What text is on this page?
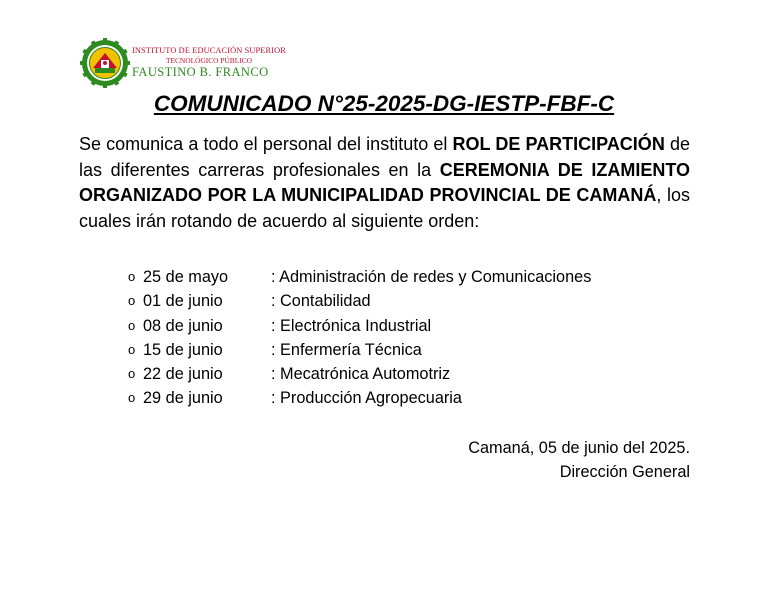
INSTITUTO DE EDUCACIÓN SUPERIOR
TECNOLÓGICO PÚBLICO
FAUSTINO B. FRANCO
COMUNICADO N°25-2025-DG-IESTP-FBF-C
Se comunica a todo el personal del instituto el ROL DE PARTICIPACIÓN de las diferentes carreras profesionales en la CEREMONIA DE IZAMIENTO ORGANIZADO POR LA MUNICIPALIDAD PROVINCIAL DE CAMANÁ, los cuales irán rotando de acuerdo al siguiente orden:
o 25 de mayo	: Administración de redes y Comunicaciones
o 01 de junio	: Contabilidad
o 08 de junio	: Electrónica Industrial
o 15 de junio	: Enfermería Técnica
o 22 de junio	: Mecatrónica Automotriz
o 29 de junio	: Producción Agropecuaria
Camaná, 05 de junio del 2025.
Dirección General
